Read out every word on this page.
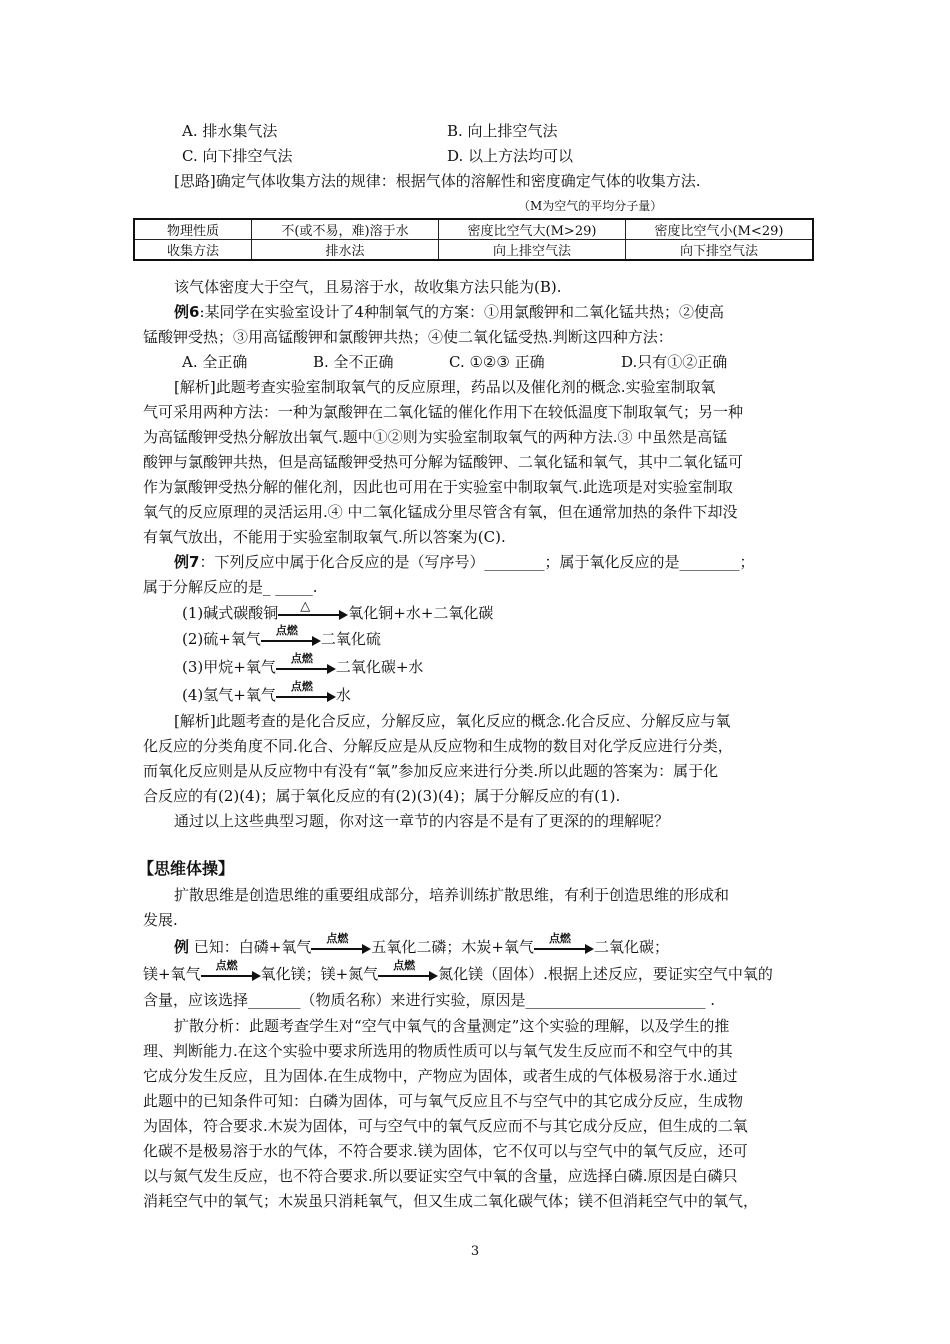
A. 排水集气法	B. 向上排空气法
C. 向下排空气法	D. 以上方法均可以
[思路]确定气体收集方法的规律：根据气体的溶解性和密度确定气体的收集方法.
（M为空气的平均分子量）
物理性质	不(或不易，难)溶于水	密度比空气大(M>29)	密度比空气小(M<29)
收集方法	排水法	向上排空气法	向下排空气法
该气体密度大于空气，且易溶于水，故收集方法只能为(B).
例6:某同学在实验室设计了4种制氧气的方案：①用氯酸钾和二氧化锰共热；②使高
锰酸钾受热；③用高锰酸钾和氯酸钾共热；④使二氧化锰受热.判断这四种方法：
A. 全正确	B. 全不正确	C. ①②③ 正确	D.只有①②正确
[解析]此题考查实验室制取氧气的反应原理，药品以及催化剂的概念.实验室制取氧
气可采用两种方法：一种为氯酸钾在二氧化锰的催化作用下在较低温度下制取氧气；另一种
为高锰酸钾受热分解放出氧气.题中①②则为实验室制取氧气的两种方法.③ 中虽然是高锰
酸钾与氯酸钾共热，但是高锰酸钾受热可分解为锰酸钾、二氧化锰和氧气，其中二氧化锰可
作为氯酸钾受热分解的催化剂，因此也可用在于实验室中制取氧气.此选项是对实验室制取
氧气的反应原理的灵活运用.④ 中二氧化锰成分里尽管含有氧，但在通常加热的条件下却没
有氧气放出，不能用于实验室制取氧气.所以答案为(C).
例7：下列反应中属于化合反应的是（写序号）________；属于氧化反应的是________；
属于分解反应的是_ _____.
(1)碱式碳酸铜 △	氧化铜+水+二氧化碳
(2)硫+氧气	点燃	二氧化硫
(3)甲烷+氧气	点燃	二氧化碳+水
(4)氢气+氧气	点燃	水
[解析]此题考查的是化合反应，分解反应，氧化反应的概念.化合反应、分解反应与氧
化反应的分类角度不同.化合、分解反应是从反应物和生成物的数目对化学反应进行分类，
而氧化反应则是从反应物中有没有“氧”参加反应来进行分类.所以此题的答案为：属于化
合反应的有(2)(4)；属于氧化反应的有(2)(3)(4)；属于分解反应的有(1).
通过以上这些典型习题，你对这一章节的内容是不是有了更深的的理解呢？
【思维体操】
扩散思维是创造思维的重要组成部分，培养训练扩散思维，有利于创造思维的形成和
发展.
例 已知：白磷+氧气	点燃	五氧化二磷；木炭+氧气	点燃	二氧化碳；
镁+氧气	点燃	氧化镁；镁+氮气	点燃	氮化镁（固体）.根据上述反应，要证实空气中氧的
含量，应该选择_______（物质名称）来进行实验，原因是________________________ .
扩散分析：此题考查学生对“空气中氧气的含量测定”这个实验的理解，以及学生的推
理、判断能力.在这个实验中要求所选用的物质性质可以与氧气发生反应而不和空气中的其
它成分发生反应，且为固体.在生成物中，产物应为固体，或者生成的气体极易溶于水.通过
此题中的已知条件可知：白磷为固体，可与氧气反应且不与空气中的其它成分反应，生成物
为固体，符合要求.木炭为固体，可与空气中的氧气反应而不与其它成分反应，但生成的二氧
化碳不是极易溶于水的气体，不符合要求.镁为固体，它不仅可以与空气中的氧气反应，还可
以与氮气发生反应，也不符合要求.所以要证实空气中氧的含量，应选择白磷.原因是白磷只
消耗空气中的氧气；木炭虽只消耗氧气，但又生成二氧化碳气体；镁不但消耗空气中的氧气，
3
